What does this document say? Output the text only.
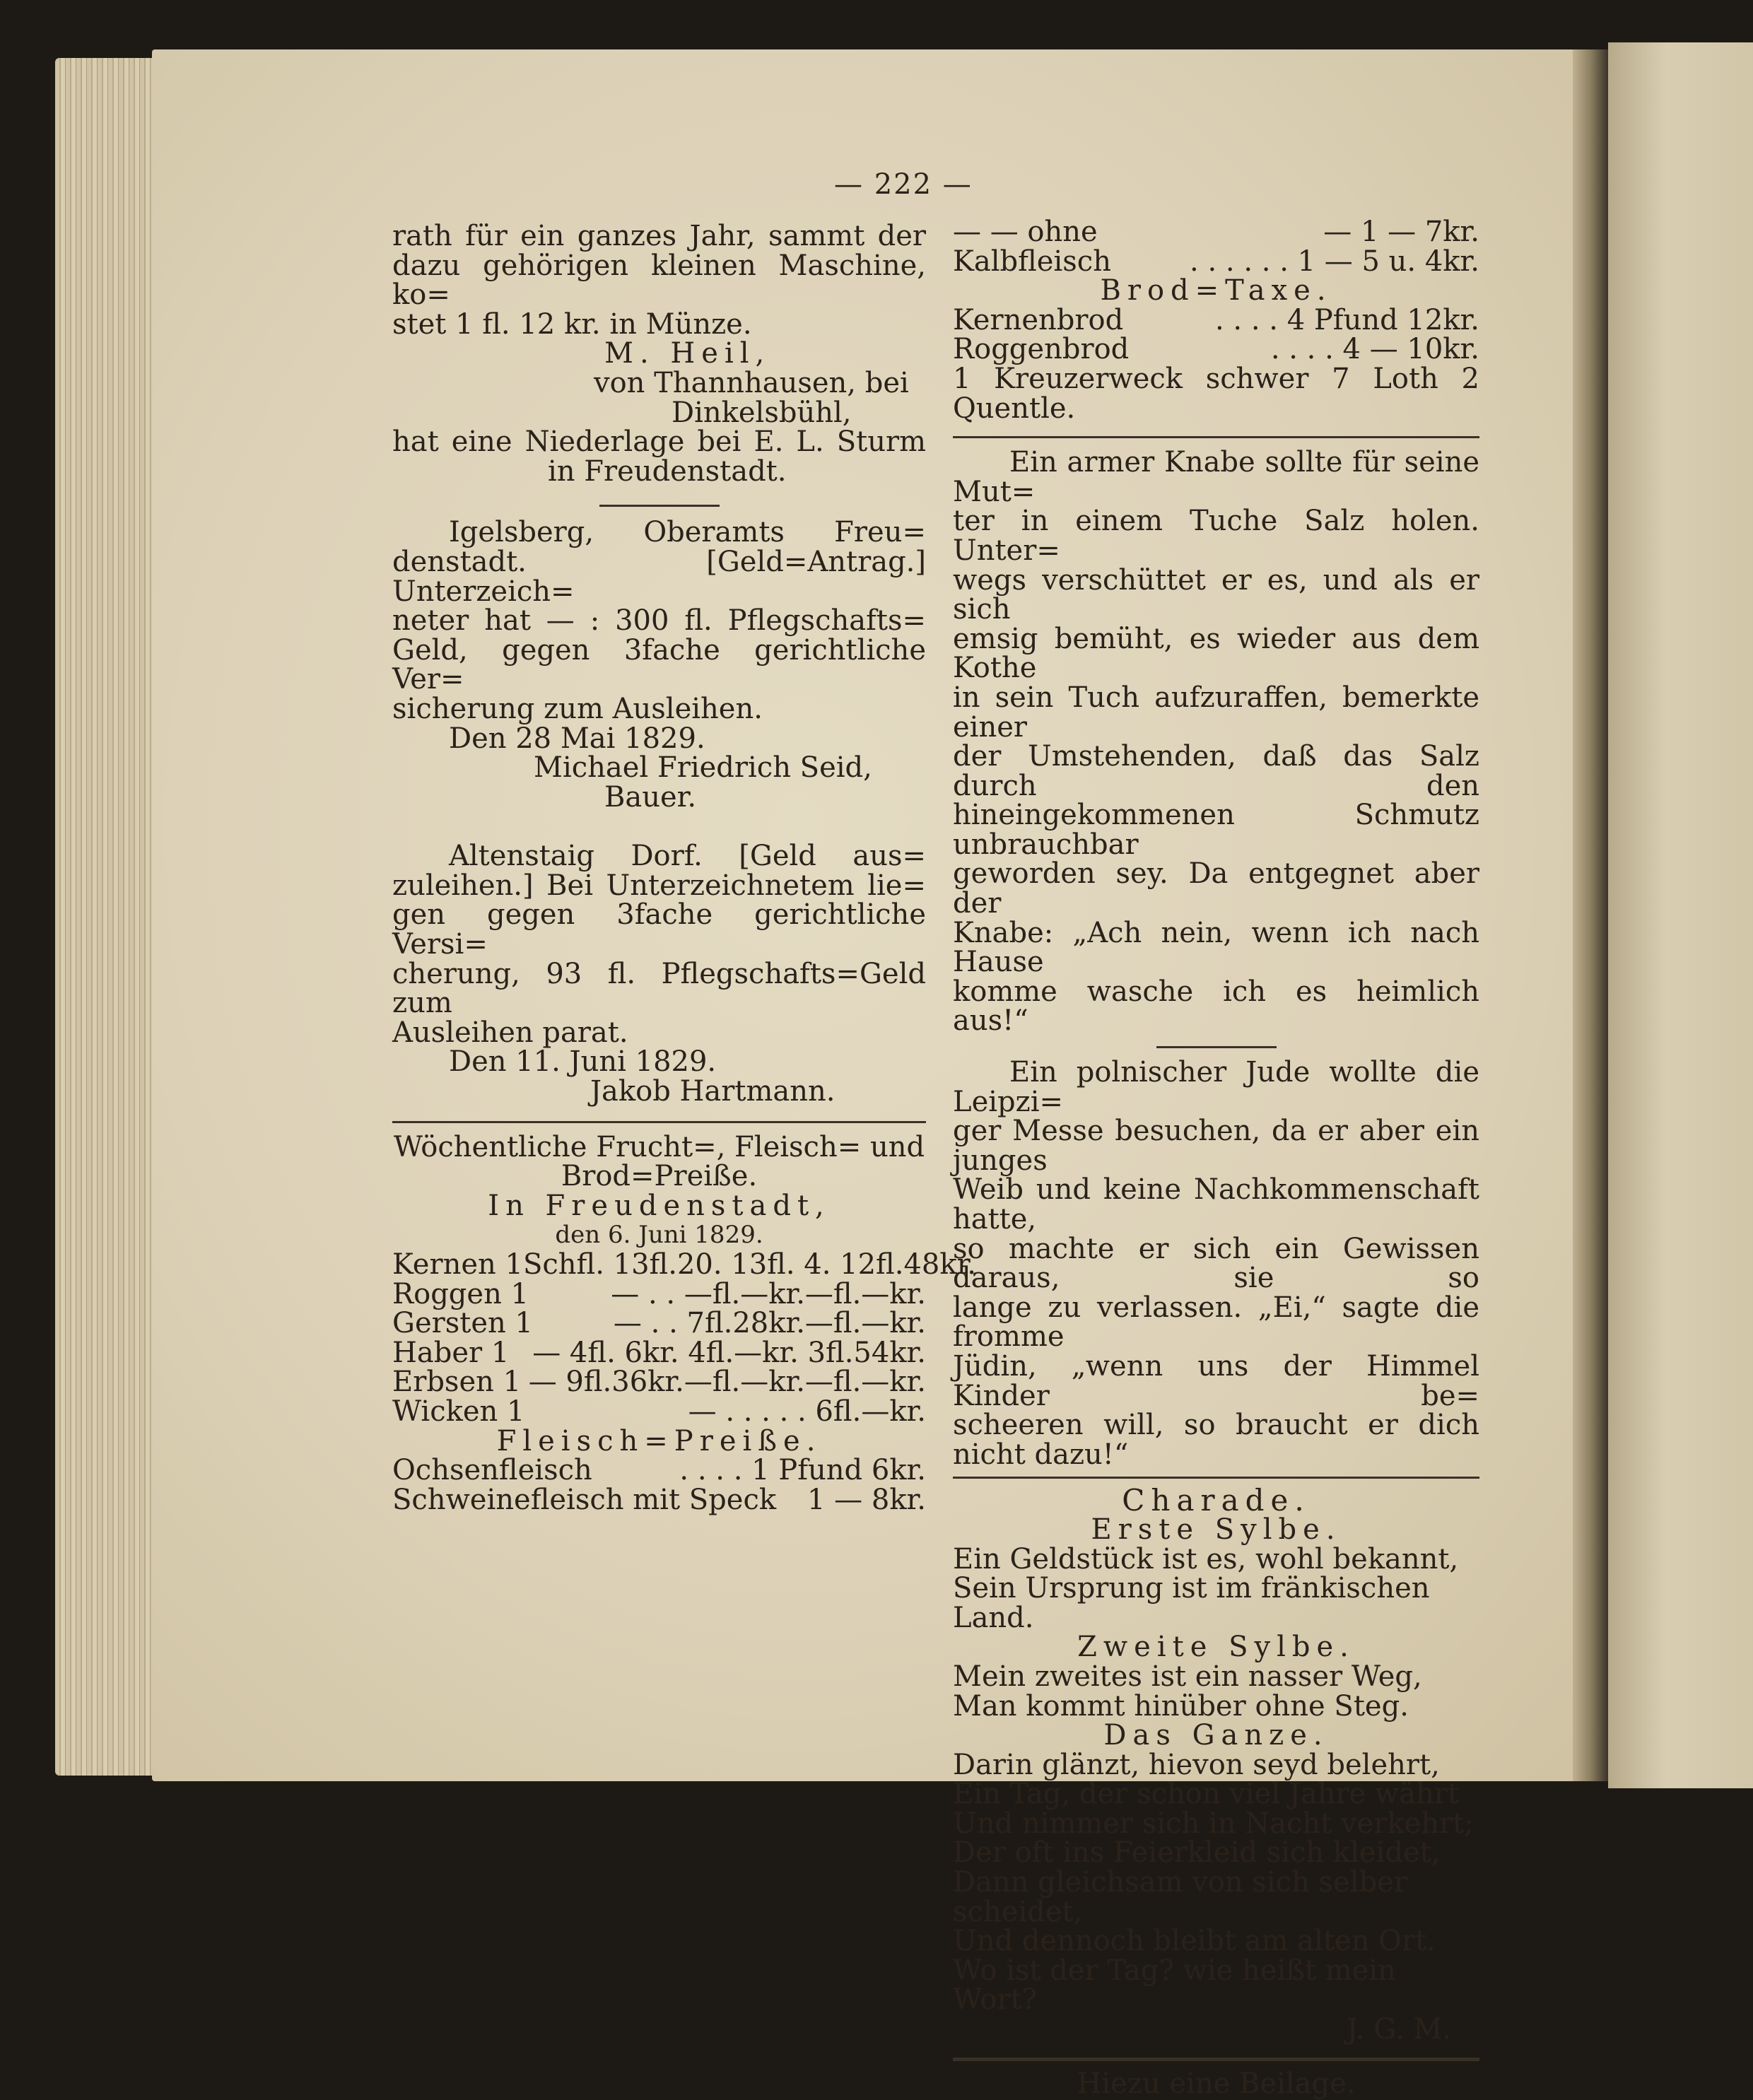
— 222 —

rath für ein ganzes Jahr, sammt der

dazu gehörigen kleinen Maschine, ko=

stet 1 fl. 12 kr. in Münze.

M. Heil,

von Thannhausen, bei

Dinkelsbühl,

hat eine Niederlage bei E. L. Sturm

in Freudenstadt.

Igelsberg, Oberamts Freu=

denstadt. [Geld=Antrag.] Unterzeich=

neter hat — : 300 fl. Pflegschafts=

Geld, gegen 3fache gerichtliche Ver=

sicherung zum Ausleihen.

Den 28 Mai 1829.

Michael Friedrich Seid,

Bauer.

Altenstaig Dorf. [Geld aus=

zuleihen.] Bei Unterzeichnetem lie=

gen gegen 3fache gerichtliche Versi=

cherung, 93 fl. Pflegschafts=Geld zum

Ausleihen parat.

Den 11. Juni 1829.

Jakob Hartmann.

Wöchentliche Frucht=, Fleisch= und

Brod=Preiße.

In Freudenstadt,

den 6. Juni 1829.

Kernen 1 Schfl. 13fl.20. 13fl. 4. 12fl.48kr.
Roggen 1	— . . —fl.—kr.—fl.—kr.
Gersten 1	— . . 7fl.28kr.—fl.—kr.
Haber 1 — 4fl. 6kr. 4fl.—kr. 3fl.54kr.
Erbsen 1 — 9fl.36kr.—fl.—kr.—fl.—kr.
Wicken 1	— . . . . . 6fl.—kr.

Fleisch=Preiße.

Ochsenfleisch	. . . . 1 Pfund 6kr.
Schweinefleisch mit Speck	1 — 8kr.
— — ohne	— 1 — 7kr.
Kalbfleisch	. . . . . . 1 — 5 u. 4kr.

Brod=Taxe.

Kernenbrod	. . . . 4 Pfund 12kr.
Roggenbrod	. . . . 4 — 10kr.

1 Kreuzerweck schwer 7 Loth 2 Quentle.

Ein armer Knabe sollte für seine Mut=

ter in einem Tuche Salz holen. Unter=

wegs verschüttet er es, und als er sich

emsig bemüht, es wieder aus dem Kothe

in sein Tuch aufzuraffen, bemerkte einer

der Umstehenden, daß das Salz durch den

hineingekommenen Schmutz unbrauchbar

geworden sey. Da entgegnet aber der

Knabe: „Ach nein, wenn ich nach Hause

komme wasche ich es heimlich aus!“

Ein polnischer Jude wollte die Leipzi=

ger Messe besuchen, da er aber ein junges

Weib und keine Nachkommenschaft hatte,

so machte er sich ein Gewissen daraus, sie so

lange zu verlassen. „Ei,“ sagte die fromme

Jüdin, „wenn uns der Himmel Kinder be=

scheeren will, so braucht er dich nicht dazu!“

Charade.

Erste Sylbe.

Ein Geldstück ist es, wohl bekannt,

Sein Ursprung ist im fränkischen Land.

Zweite Sylbe.

Mein zweites ist ein nasser Weg,

Man kommt hinüber ohne Steg.

Das Ganze.

Darin glänzt, hievon seyd belehrt,

Ein Tag, der schon viel Jahre währt

Und nimmer sich in Nacht verkehrt;

Der oft ins Feierkleid sich kleidet,

Dann gleichsam von sich selber scheidet,

Und dennoch bleibt am alten Ort.

Wo ist der Tag? wie heißt mein Wort?

J. G. M.

Hiezu eine Beilage.
